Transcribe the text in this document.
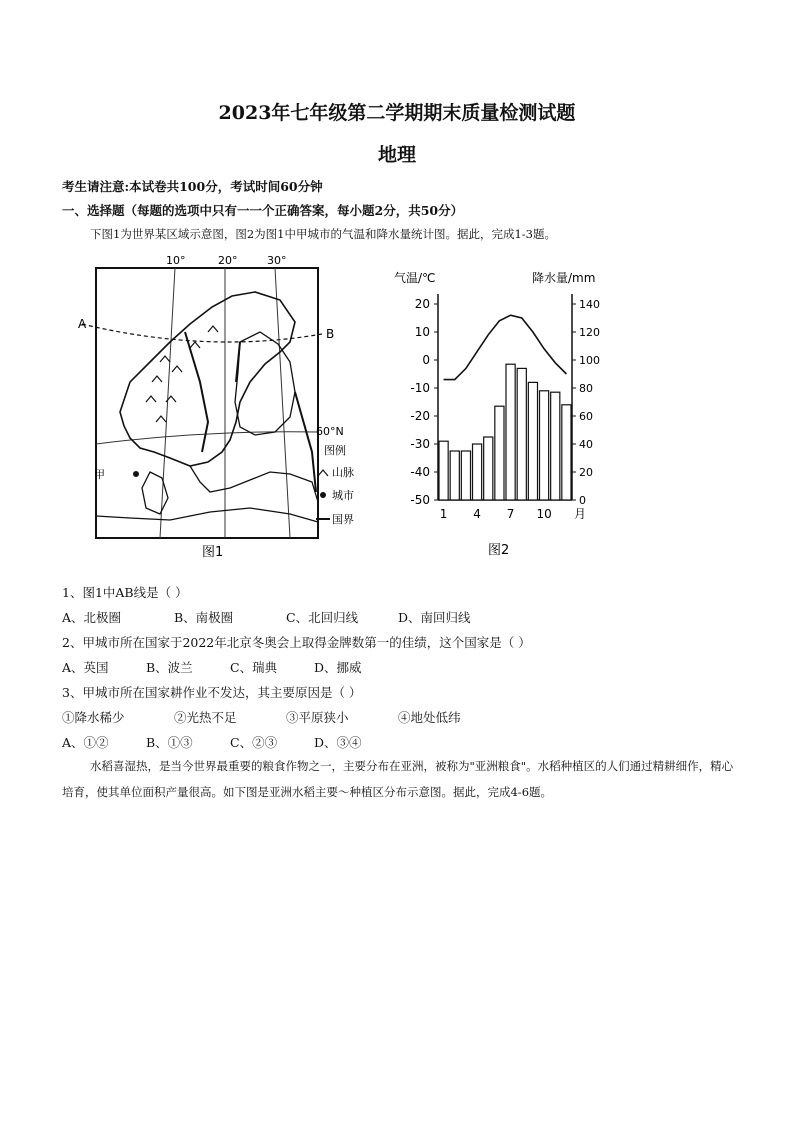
2023年七年级第二学期期末质量检测试题
地理
考生请注意:本试卷共100分，考试时间60分钟
一、选择题（每题的选项中只有一一个正确答案，每小题2分，共50分）
下图1为世界某区域示意图，图2为图1中甲城市的气温和降水量统计图。据此，完成1-3题。
10°	20°	30°
甲
A
B
60°N
图例
山脉
城市
国界
图1
气温/℃	降水量/mm
20
10
0
-10
-20
-30
-40
-50
140
120
100
80
60
40
20
0
1 4 7 10 月
图2
1、图1中AB线是（ ）
A、北极圈	B、南极圈	C、北回归线	D、南回归线
2、甲城市所在国家于2022年北京冬奥会上取得金牌数第一的佳绩，这个国家是（ ）
A、英国	B、波兰	C、瑞典	D、挪威
3、甲城市所在国家耕作业不发达，其主要原因是（ ）
①降水稀少	②光热不足	③平原狭小	④地处低纬
A、①②	B、①③	C、②③	D、③④
水稻喜湿热，是当今世界最重要的粮食作物之一，主要分布在亚洲，被称为"亚洲粮食"。水稻种植区的人们通过精耕细作，精心培育，使其单位面积产量很高。如下图是亚洲水稻主要～种植区分布示意图。据此，完成4-6题。
